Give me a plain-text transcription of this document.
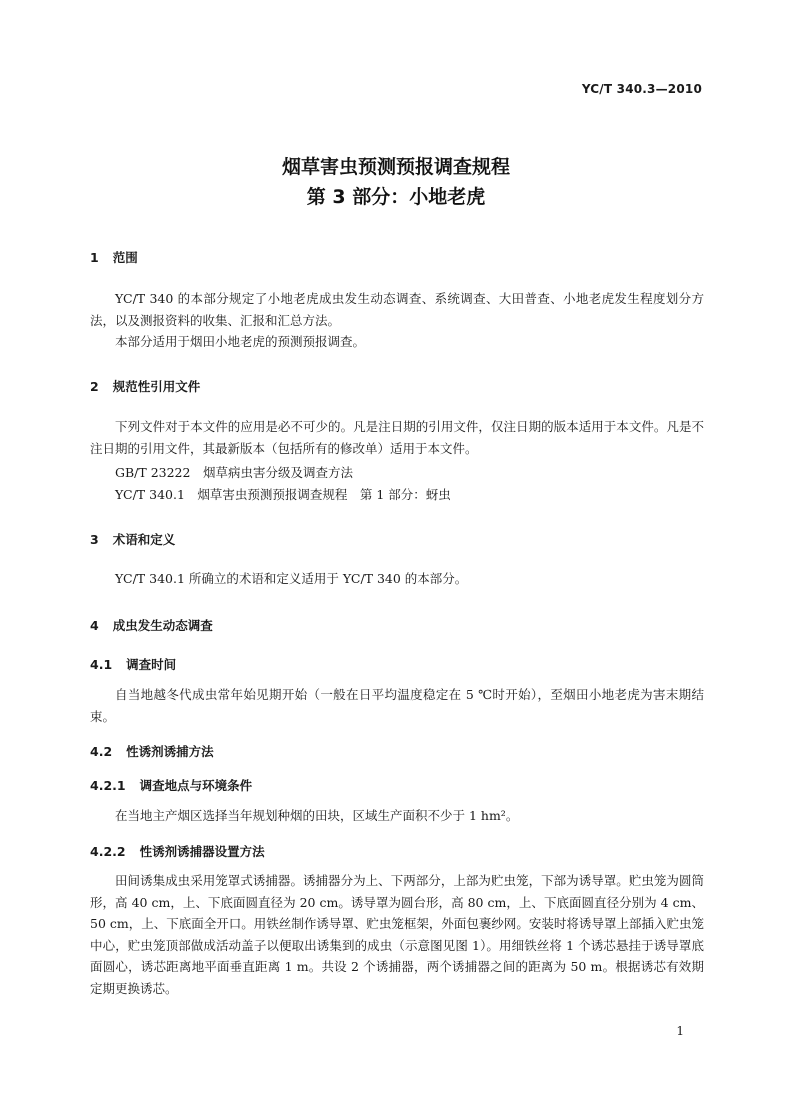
YC/T 340.3—2010
烟草害虫预测预报调查规程
第 3 部分：小地老虎
1 范围
YC/T 340 的本部分规定了小地老虎成虫发生动态调查、系统调查、大田普查、小地老虎发生程度划分方法，以及测报资料的收集、汇报和汇总方法。
本部分适用于烟田小地老虎的预测预报调查。
2 规范性引用文件
下列文件对于本文件的应用是必不可少的。凡是注日期的引用文件，仅注日期的版本适用于本文件。凡是不注日期的引用文件，其最新版本（包括所有的修改单）适用于本文件。
GB/T 23222　烟草病虫害分级及调查方法
YC/T 340.1　烟草害虫预测预报调查规程　第 1 部分：蚜虫
3 术语和定义
YC/T 340.1 所确立的术语和定义适用于 YC/T 340 的本部分。
4 成虫发生动态调查
4.1 调查时间
自当地越冬代成虫常年始见期开始（一般在日平均温度稳定在 5 ℃时开始），至烟田小地老虎为害末期结束。
4.2 性诱剂诱捕方法
4.2.1 调查地点与环境条件
在当地主产烟区选择当年规划种烟的田块，区域生产面积不少于 1 hm²。
4.2.2 性诱剂诱捕器设置方法
田间诱集成虫采用笼罩式诱捕器。诱捕器分为上、下两部分，上部为贮虫笼，下部为诱导罩。贮虫笼为圆筒形，高 40 cm，上、下底面圆直径为 20 cm。诱导罩为圆台形，高 80 cm，上、下底面圆直径分别为 4 cm、50 cm，上、下底面全开口。用铁丝制作诱导罩、贮虫笼框架，外面包裹纱网。安装时将诱导罩上部插入贮虫笼中心，贮虫笼顶部做成活动盖子以便取出诱集到的成虫（示意图见图 1）。用细铁丝将 1 个诱芯悬挂于诱导罩底面圆心，诱芯距离地平面垂直距离 1 m。共设 2 个诱捕器，两个诱捕器之间的距离为 50 m。根据诱芯有效期定期更换诱芯。
1
